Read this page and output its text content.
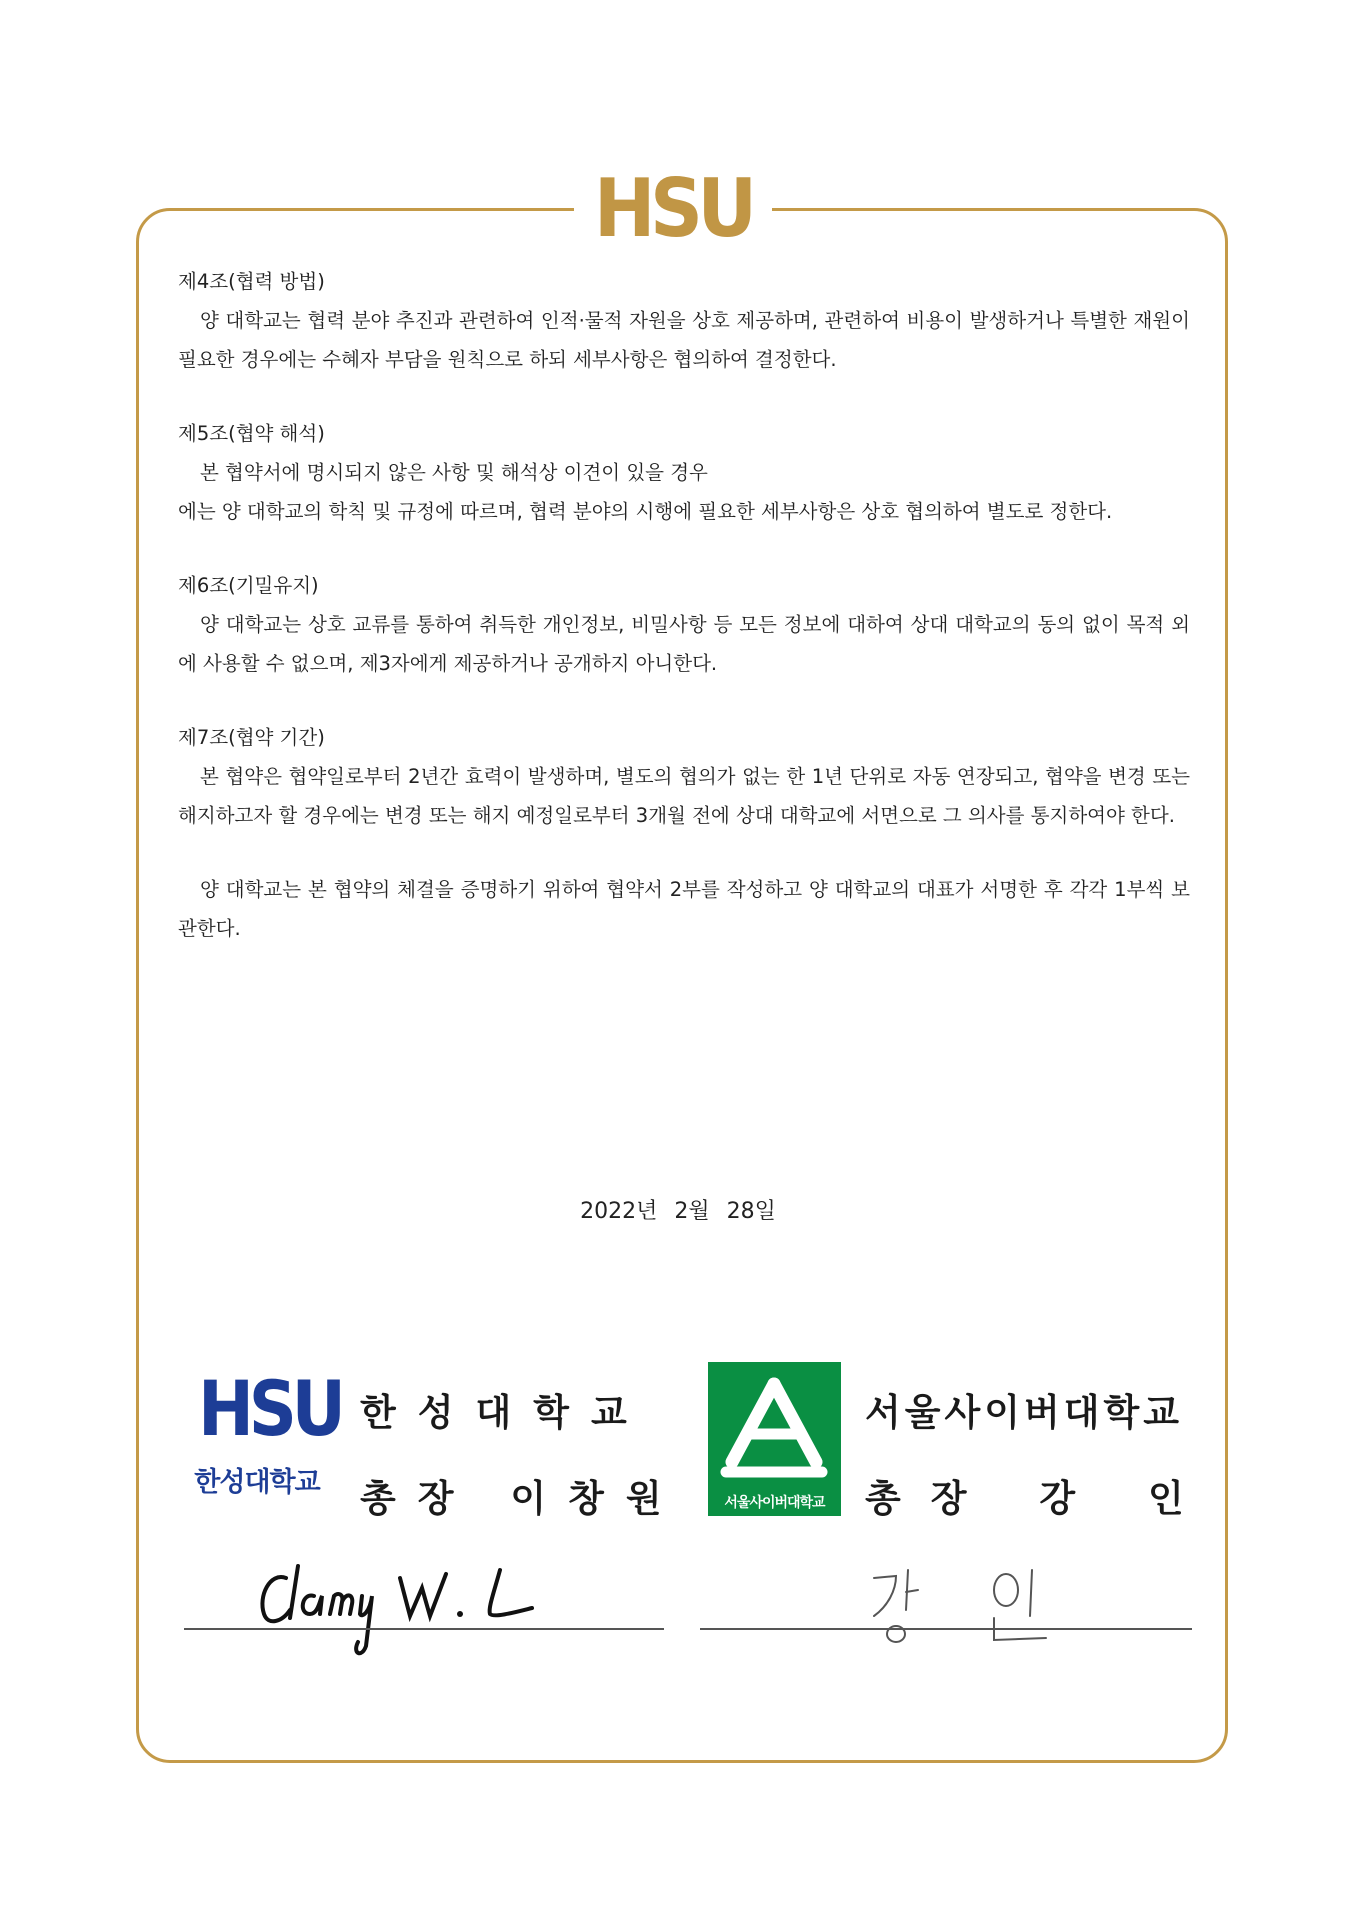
HSU
제4조(협력 방법)
양 대학교는 협력 분야 추진과 관련하여 인적·물적 자원을 상호 제공하며, 관련하여 비용이 발생하거나 특별한 재원이 필요한 경우에는 수혜자 부담을 원칙으로 하되 세부사항은 협의하여 결정한다.
제5조(협약 해석)
본 협약서에 명시되지 않은 사항 및 해석상 이견이 있을 경우
에는 양 대학교의 학칙 및 규정에 따르며, 협력 분야의 시행에 필요한 세부사항은 상호 협의하여 별도로 정한다.
제6조(기밀유지)
양 대학교는 상호 교류를 통하여 취득한 개인정보, 비밀사항 등 모든 정보에 대하여 상대 대학교의 동의 없이 목적 외에 사용할 수 없으며, 제3자에게 제공하거나 공개하지 아니한다.
제7조(협약 기간)
본 협약은 협약일로부터 2년간 효력이 발생하며, 별도의 협의가 없는 한 1년 단위로 자동 연장되고, 협약을 변경 또는 해지하고자 할 경우에는 변경 또는 해지 예정일로부터 3개월 전에 상대 대학교에 서면으로 그 의사를 통지하여야 한다.
양 대학교는 본 협약의 체결을 증명하기 위하여 협약서 2부를 작성하고 양 대학교의 대표가 서명한 후 각각 1부씩 보관한다.
2022년 2월 28일
HSU
한성대학교
한성대학교
총장 이창원	서울사이버대학교
서울사이버대학교
총장 강 인
